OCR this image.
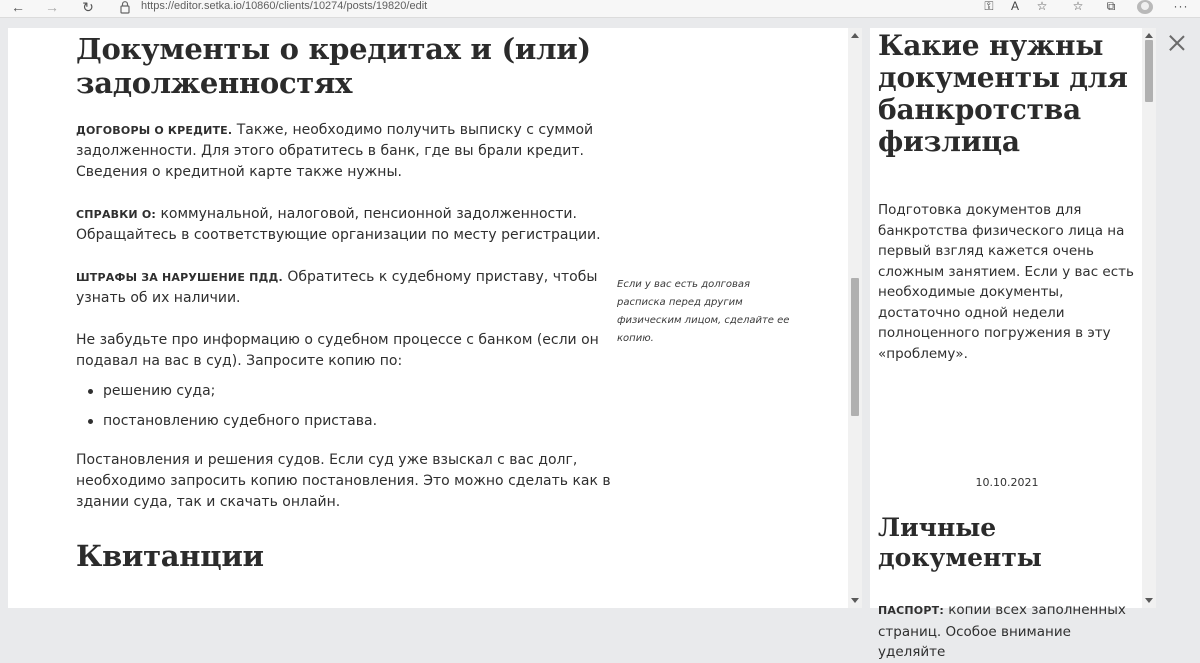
← → ↻	https://editor.setka.io/10860/clients/10274/posts/19820/edit	⚿	A	☆	☆	⧉	···
Документы о кредитах и (или) задолженностях

ДОГОВОРЫ О КРЕДИТЕ. Также, необходимо получить выписку с суммой задолженности. Для этого обратитесь в банк, где вы брали кредит. Сведения о кредитной карте также нужны.

СПРАВКИ О: коммунальной, налоговой, пенсионной задолженности. Обращайтесь в соответствующие организации по месту регистрации.

ШТРАФЫ ЗА НАРУШЕНИЕ ПДД. Обратитесь к судебному приставу, чтобы узнать об их наличии.

Не забудьте про информацию о судебном процессе с банком (если он подавал на вас в суд). Запросите копию по:

решению суда;
постановлению судебного пристава.

Постановления и решения судов. Если суд уже взыскал с вас долг, необходимо запросить копию постановления. Это можно сделать как в здании суда, так и скачать онлайн.

Квитанции
Если у вас есть долговая расписка перед другим физическим лицом, сделайте ее копию.
Какие нужны документы для банкротства физлица

Подготовка документов для банкротства физического лица на первый взгляд кажется очень сложным занятием. Если у вас есть необходимые документы, достаточно одной недели полноценного погружения в эту «проблему».

10.10.2021
Личные документы

ПАСПОРТ: копии всех заполненных страниц. Особое внимание уделяйте
